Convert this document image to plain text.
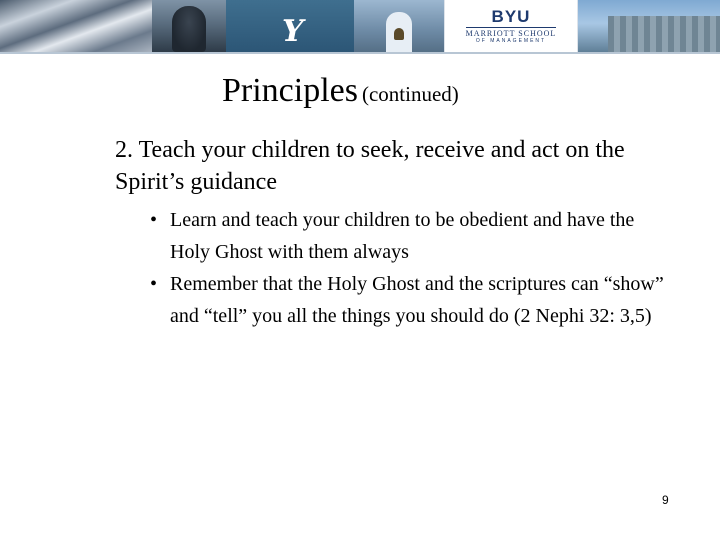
Y	BYU
MARRIOTT SCHOOL
OF MANAGEMENT
Principles (continued)
2. Teach your children to seek, receive and act on the Spirit’s guidance
• Learn and teach your children to be obedient and have the Holy Ghost with them always
• Remember that the Holy Ghost and the scriptures can “show” and “tell” you all the things you should do (2 Nephi 32: 3,5)
9
